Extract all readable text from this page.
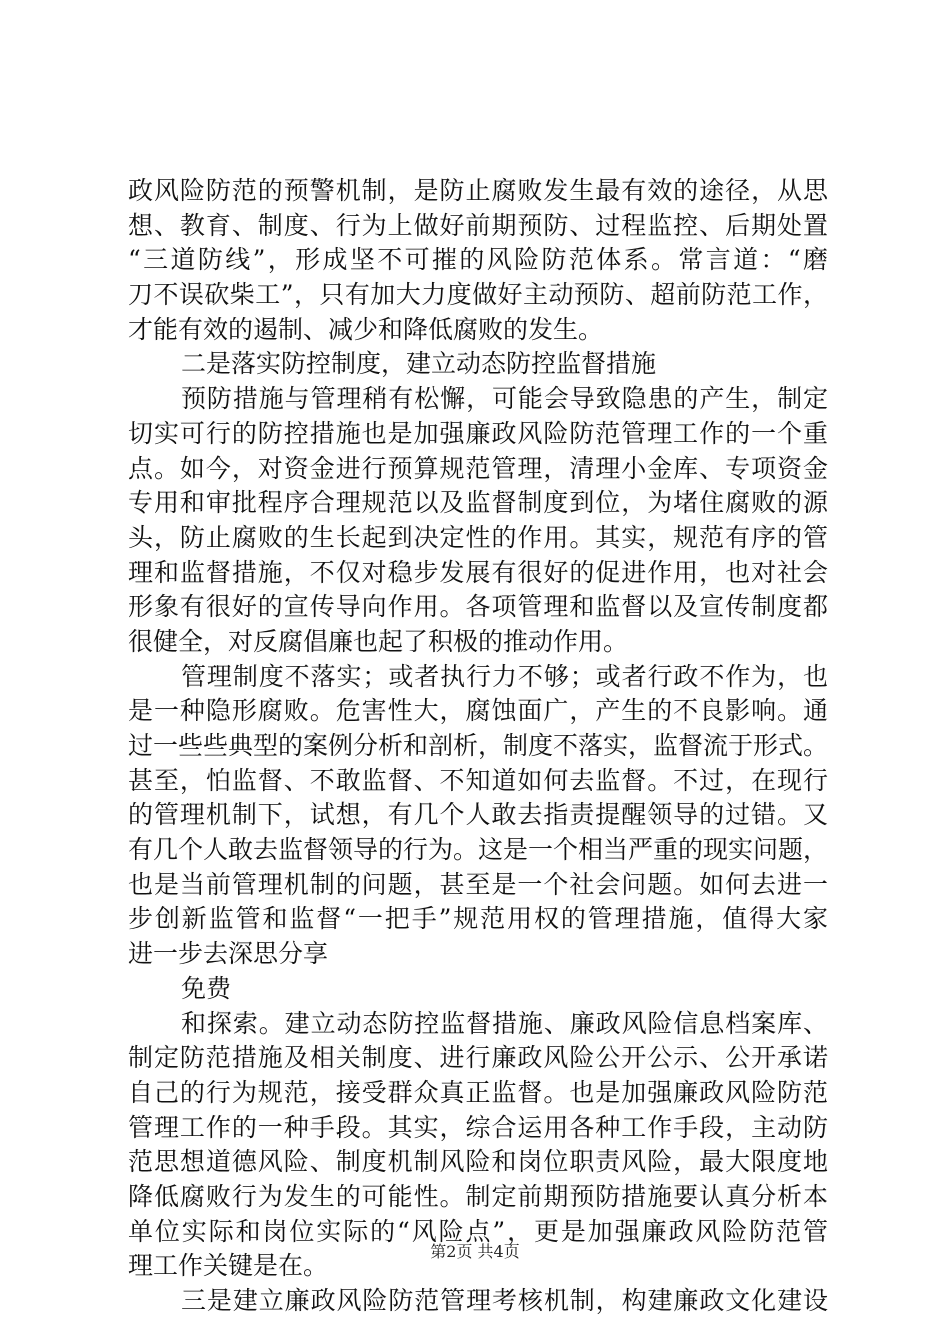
政风险防范的预警机制，是防止腐败发生最有效的途径，从思
想、教育、制度、行为上做好前期预防、过程监控、后期处置
“三道防线”，形成坚不可摧的风险防范体系。常言道：“磨
刀不误砍柴工”，只有加大力度做好主动预防、超前防范工作，
才能有效的遏制、减少和降低腐败的发生。
二是落实防控制度，建立动态防控监督措施
预防措施与管理稍有松懈，可能会导致隐患的产生，制定
切实可行的防控措施也是加强廉政风险防范管理工作的一个重
点。如今，对资金进行预算规范管理，清理小金库、专项资金
专用和审批程序合理规范以及监督制度到位，为堵住腐败的源
头，防止腐败的生长起到决定性的作用。其实，规范有序的管
理和监督措施，不仅对稳步发展有很好的促进作用，也对社会
形象有很好的宣传导向作用。各项管理和监督以及宣传制度都
很健全，对反腐倡廉也起了积极的推动作用。
管理制度不落实；或者执行力不够；或者行政不作为，也
是一种隐形腐败。危害性大，腐蚀面广，产生的不良影响。通
过一些些典型的案例分析和剖析，制度不落实，监督流于形式。
甚至，怕监督、不敢监督、不知道如何去监督。不过，在现行
的管理机制下，试想，有几个人敢去指责提醒领导的过错。又
有几个人敢去监督领导的行为。这是一个相当严重的现实问题，
也是当前管理机制的问题，甚至是一个社会问题。如何去进一
步创新监管和监督“一把手”规范用权的管理措施，值得大家
进一步去深思分享
免费
和探索。建立动态防控监督措施、廉政风险信息档案库、
制定防范措施及相关制度、进行廉政风险公开公示、公开承诺
自己的行为规范，接受群众真正监督。也是加强廉政风险防范
管理工作的一种手段。其实，综合运用各种工作手段，主动防
范思想道德风险、制度机制风险和岗位职责风险，最大限度地
降低腐败行为发生的可能性。制定前期预防措施要认真分析本
单位实际和岗位实际的“风险点”，更是加强廉政风险防范管
理工作关键是在。
三是建立廉政风险防范管理考核机制，构建廉政文化建设
第2页 共4页
